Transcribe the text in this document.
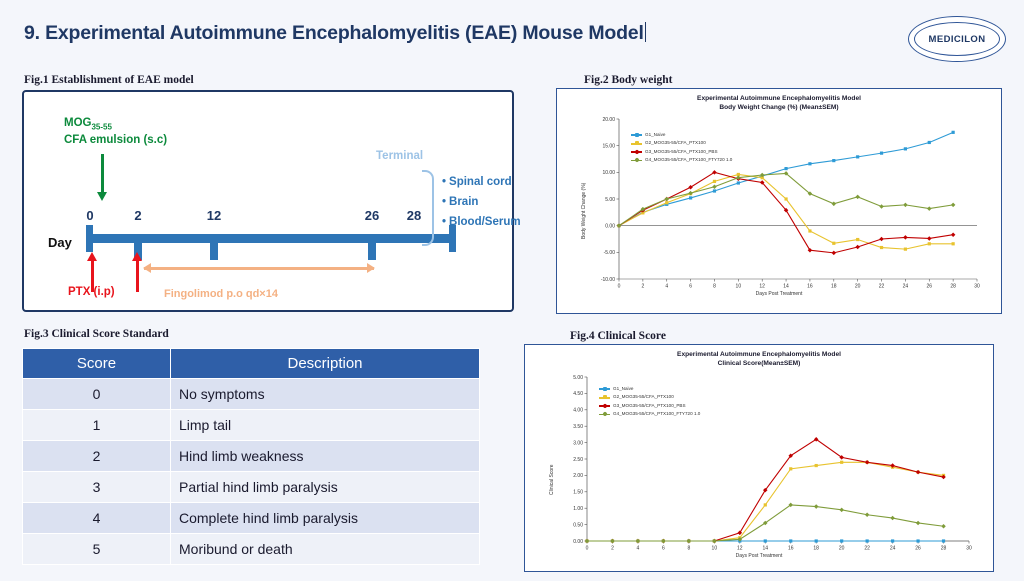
9. Experimental Autoimmune Encephalomyelitis (EAE) Mouse Model	MEDICILON
Fig.1 Establishment of EAE model	Fig.2 Body weight
Fig.3 Clinical Score Standard	Fig.4 Clinical Score
$MOG_{35-55}$
CFA emulsion (s.c)
Day
0	2	12	26 28
PTX (i.p)	Fingolimod p.o qd×14
Terminal
• Spinal cord
• Brain
• Blood/Serum
Score	Description
0	No symptoms
1	Limp tail
2	Hind limb weakness
3	Partial hind limb paralysis
4	Complete hind limb paralysis
5	Moribund or death
Experimental Autoimmune Encephalomyelitis Model
Body Weight Change (%) (Mean±SEM)
G1_Naive
G2_MOG35-55/CFA_PTX100
G3_MOG35-55/CFA_PTX100_PBS
G4_MOG35-55/CFA_PTX100_FTY720 1.0
Body Weight Change (%)
Days Post Treatment
20.00
15.00
10.00
5.00
0.00
-5.00
-10.00
0	2	4	6	8	10	12	14	16	18	20	22	24	26	28	30
Experimental Autoimmune Encephalomyelitis Model
Clinical Score(Mean±SEM)
G1_Naive
G2_MOG35-55/CFA_PTX100
G3_MOG35-55/CFA_PTX100_PBS
G4_MOG35-55/CFA_PTX100_FTY720 1.0
Clinical Score
Days Post Treatment
5.00
4.50
4.00
3.50
3.00
2.50
2.00
1.50
1.00
0.50
0.00
0	2	4	6	8	10	12	14	16	18	20	22	24	26	28	30
